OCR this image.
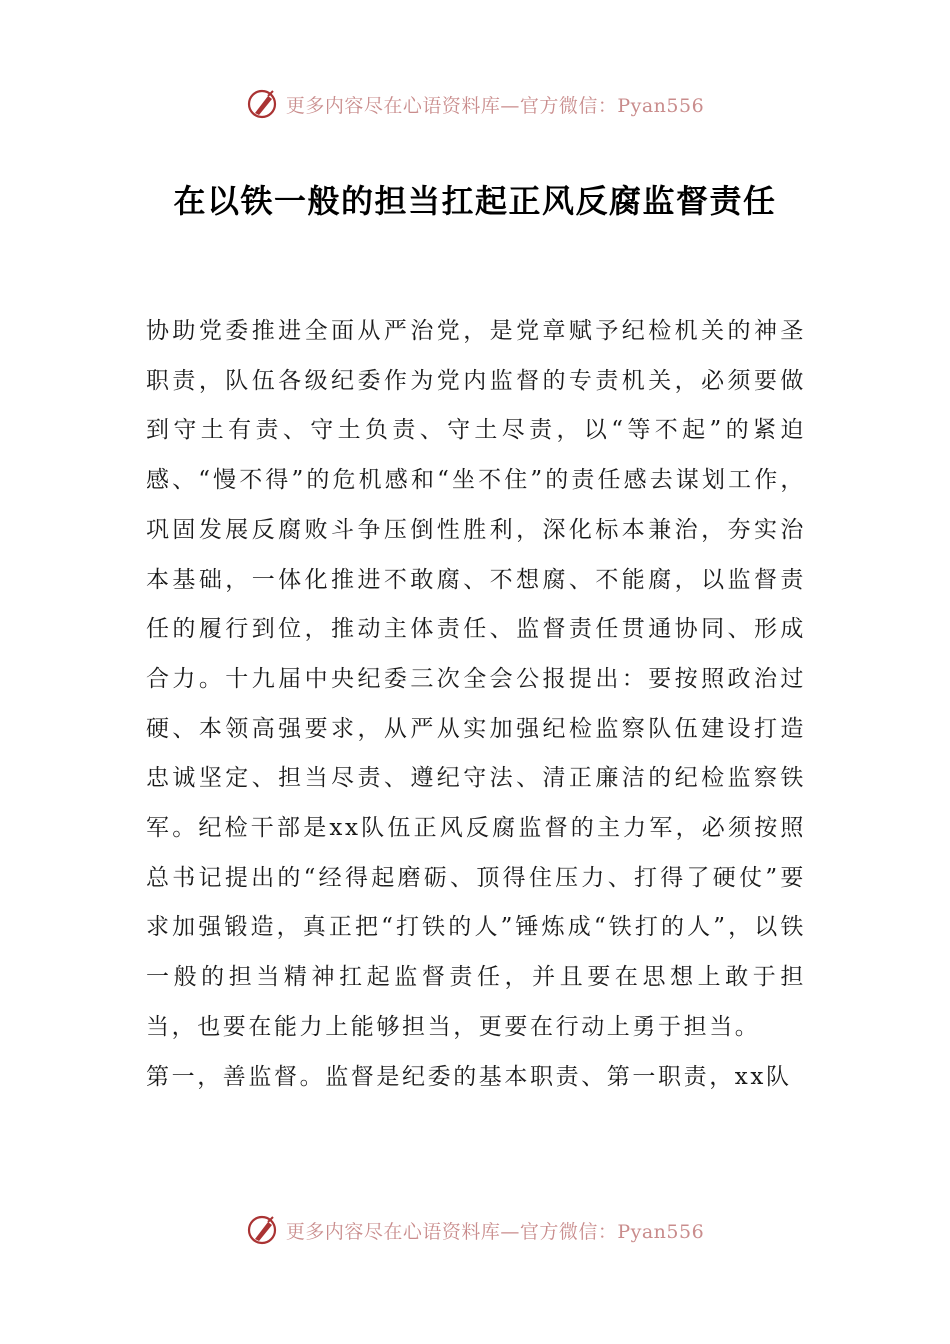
更多内容尽在心语资料库—官方微信：Pyan556
在以铁一般的担当扛起正风反腐监督责任

协助党委推进全面从严治党，是党章赋予纪检机关的神圣职责，队伍各级纪委作为党内监督的专责机关，必须要做到守土有责、守土负责、守土尽责，以“等不起”的紧迫感、“慢不得”的危机感和“坐不住”的责任感去谋划工作，巩固发展反腐败斗争压倒性胜利，深化标本兼治，夯实治本基础，一体化推进不敢腐、不想腐、不能腐，以监督责任的履行到位，推动主体责任、监督责任贯通协同、形成合力。十九届中央纪委三次全会公报提出：要按照政治过硬、本领高强要求，从严从实加强纪检监察队伍建设打造忠诚坚定、担当尽责、遵纪守法、清正廉洁的纪检监察铁军。纪检干部是xx队伍正风反腐监督的主力军，必须按照总书记提出的“经得起磨砺、顶得住压力、打得了硬仗”要求加强锻造，真正把“打铁的人”锤炼成“铁打的人”，以铁一般的担当精神扛起监督责任，并且要在思想上敢于担当，也要在能力上能够担当，更要在行动上勇于担当。

第一，善监督。监督是纪委的基本职责、第一职责，xx队

更多内容尽在心语资料库—官方微信：Pyan556
